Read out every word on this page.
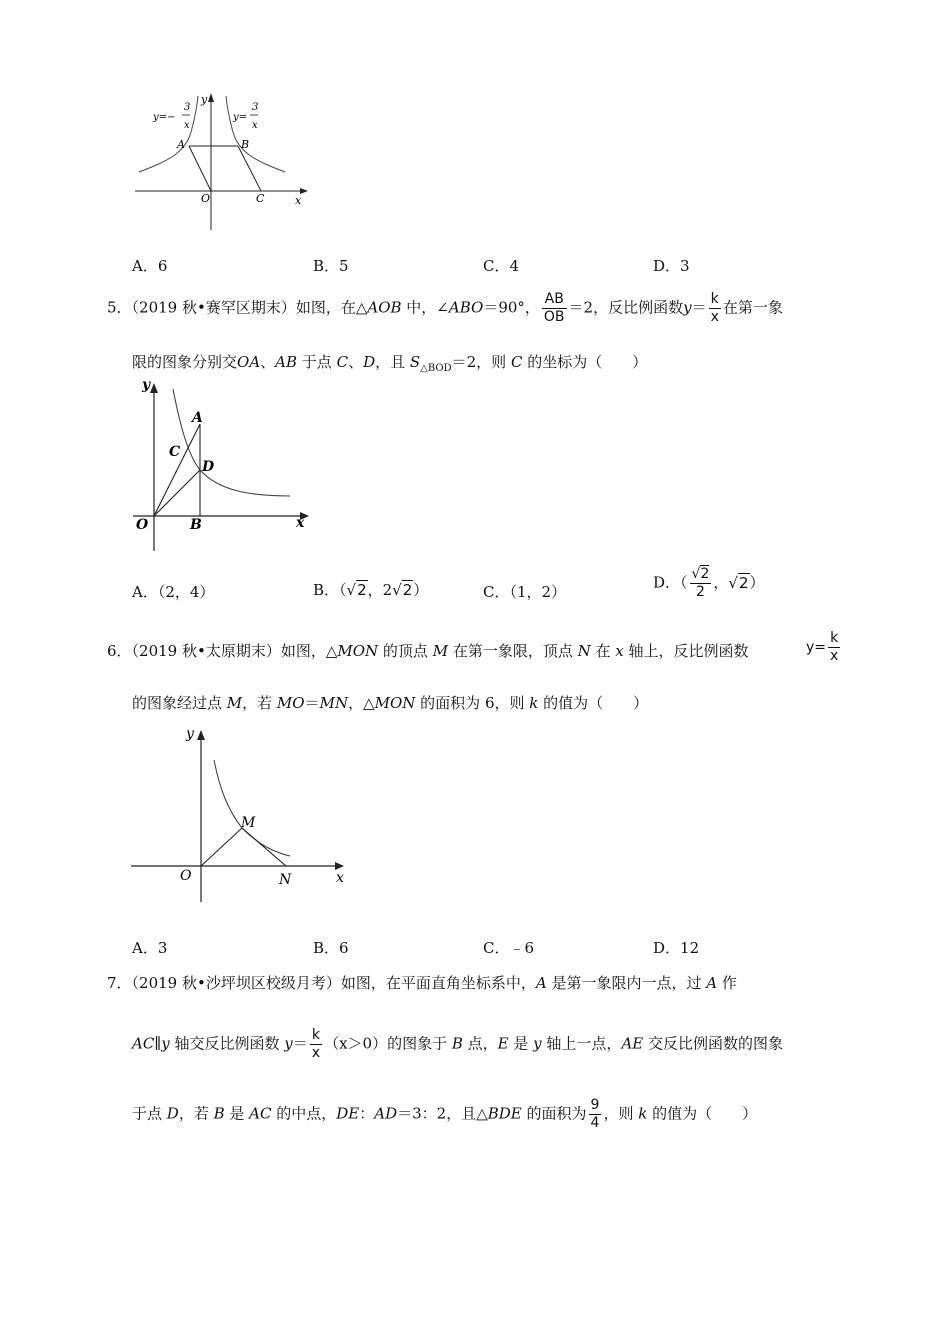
y
x
A	B
O	C
y=−
3
x
y=
3
x
A．6	B．5	C．4	D．3
5．（2019 秋•赛罕区期末）如图，在△AOB 中，∠ABO＝90°， $\frac{AB}{OB} =2$，反比例函数$y= \frac{k}{x}$ 在第一象
限的图象分别交OA、AB 于点 C、D，且 $S_{\triangle BOD}=2$，则 C 的坐标为（　　）
y
x
A
C
D
O	B
A．（2，4）	B．（√2，2√2）	C．（1，2）
D．（ $\frac{√2}{2}$ ，√2）
6．（2019 秋•太原期末）如图，△MON 的顶点 M 在第一象限，顶点 N 在 x 轴上，反比例函数	$y= \frac{k}{x}$
的图象经过点 M，若 MO＝MN，△MON 的面积为 6，则 k 的值为（　　）
y
x
M
O	N
A．3	B．6	C．﹣6	D．12
7．（2019 秋•沙坪坝区校级月考）如图，在平面直角坐标系中，A 是第一象限内一点，过 A 作
AC∥y 轴交反比例函数 $y= \frac{k}{x} (x>0)$的图象于 B 点，E 是 y 轴上一点，AE 交反比例函数的图象
于点 D，若 B 是 AC 的中点，DE：AD＝3：2，且△BDE 的面积为 $\frac{9}{4}$ ，则 k 的值为（　　）
